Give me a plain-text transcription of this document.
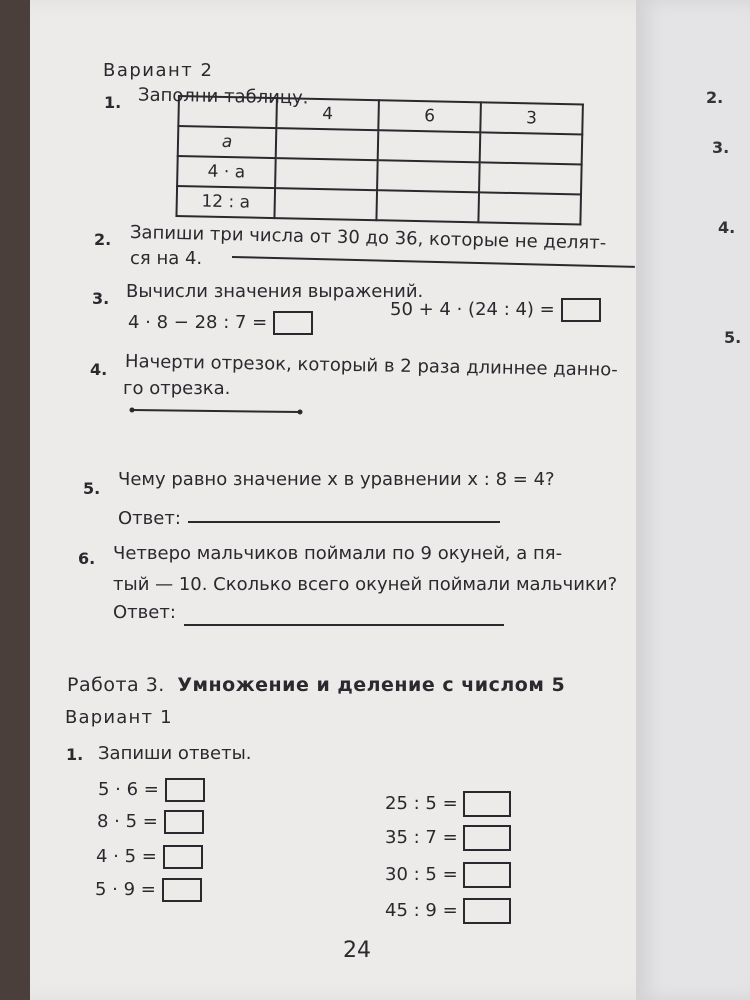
2.
3.
4.
5.
Вариант 2
1. Заполни таблицу.
	4	6	3
a			
4 · a			
12 : a			
2. Запиши три числа от 30 до 36, которые не делят-
ся на 4.
3. Вычисли значения выражений.
4 · 8 − 28 : 7 =
50 + 4 · (24 : 4) =
4. Начерти отрезок, который в 2 раза длиннее данно-
го отрезка.
5. Чему равно значение x в уравнении x : 8 = 4?
Ответ:
6. Четверо мальчиков поймали по 9 окуней, а пя-
тый — 10. Сколько всего окуней поймали мальчики?
Ответ:
Работа 3. Умножение и деление с числом 5
Вариант 1
1. Запиши ответы.
5 · 6 =
8 · 5 =
4 · 5 =
5 · 9 =
25 : 5 =
35 : 7 =
30 : 5 =
45 : 9 =
24
